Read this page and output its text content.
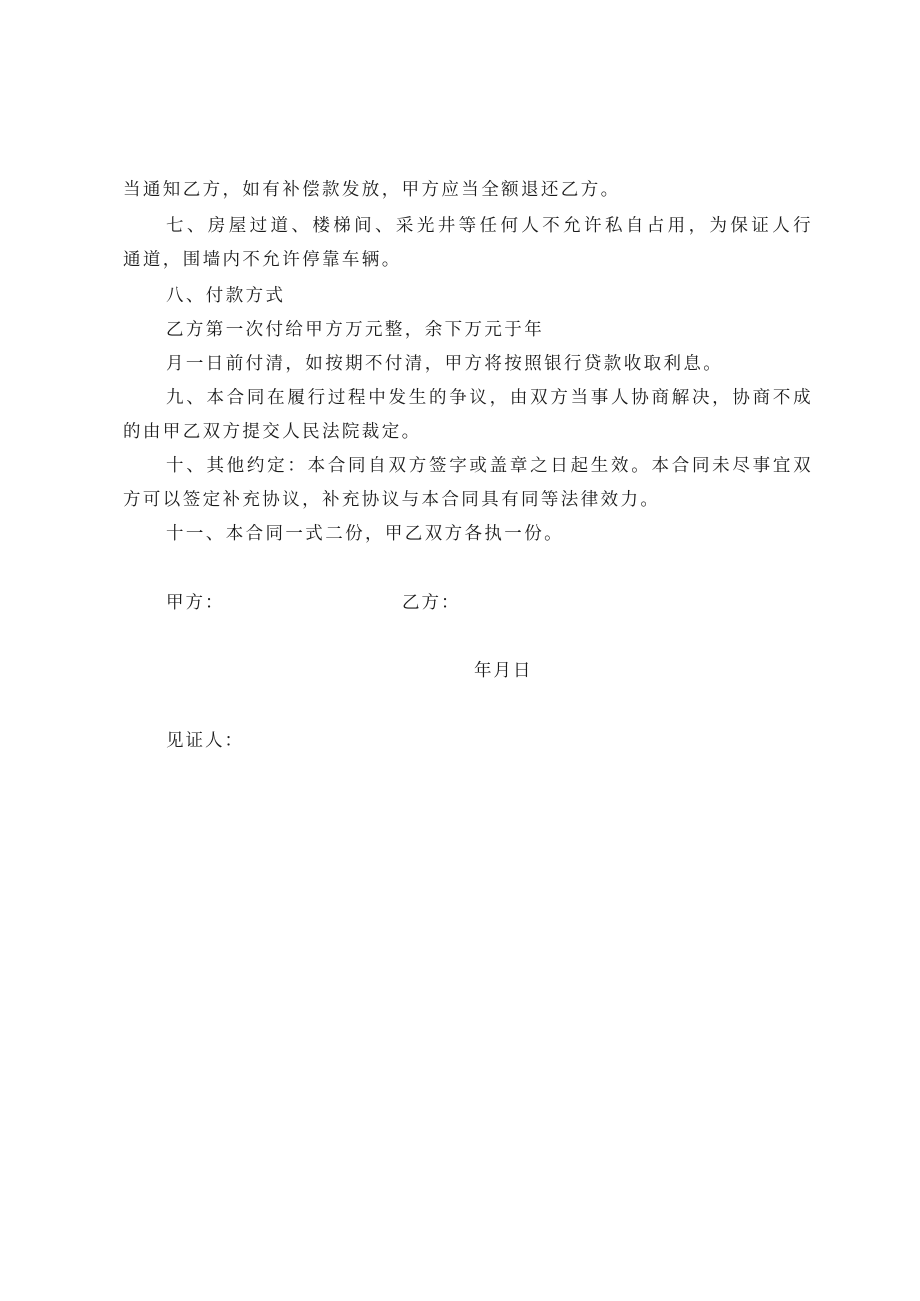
当通知乙方，如有补偿款发放，甲方应当全额退还乙方。
七、房屋过道、楼梯间、采光井等任何人不允许私自占用，为保证人行
通道，围墙内不允许停靠车辆。
八、付款方式
乙方第一次付给甲方万元整，余下万元于年
月一日前付清，如按期不付清，甲方将按照银行贷款收取利息。
九、本合同在履行过程中发生的争议，由双方当事人协商解决，协商不成
的由甲乙双方提交人民法院裁定。
十、其他约定：本合同自双方签字或盖章之日起生效。本合同未尽事宜双
方可以签定补充协议，补充协议与本合同具有同等法律效力。
十一、本合同一式二份，甲乙双方各执一份。
甲方：	乙方：
年月日
见证人：
